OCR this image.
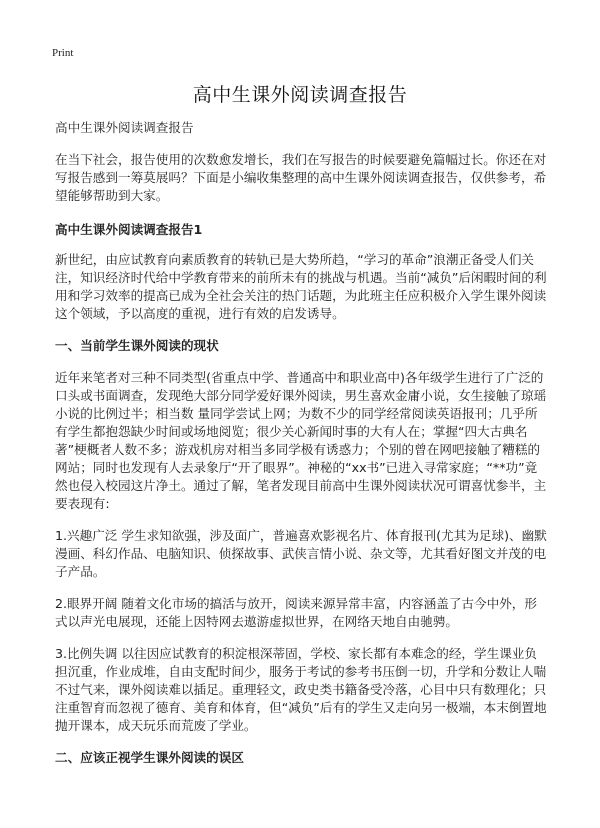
Print
高中生课外阅读调查报告

高中生课外阅读调查报告

在当下社会，报告使用的次数愈发增长，我们在写报告的时候要避免篇幅过长。你还在对写报告感到一筹莫展吗？下面是小编收集整理的高中生课外阅读调查报告，仅供参考，希望能够帮助到大家。

高中生课外阅读调查报告1

新世纪，由应试教育向素质教育的转轨已是大势所趋，“学习的革命”浪潮正备受人们关注，知识经济时代给中学教育带来的前所未有的挑战与机遇。当前“减负”后闲暇时间的利用和学习效率的提高已成为全社会关注的热门话题，为此班主任应积极介入学生课外阅读这个领域，予以高度的重视，进行有效的启发诱导。

一、当前学生课外阅读的现状

近年来笔者对三种不同类型(省重点中学、普通高中和职业高中)各年级学生进行了广泛的口头或书面调查，发现绝大部分同学爱好课外阅读，男生喜欢金庸小说，女生接触了琼瑶小说的比例过半；相当数 量同学尝试上网；为数不少的同学经常阅读英语报刊；几乎所有学生都抱怨缺少时间或场地阅览；很少关心新闻时事的大有人在；掌握“四大古典名著”梗概者人数不多；游戏机房对相当多同学极有诱惑力；个别的曾在网吧接触了糟糕的网站；同时也发现有人去录象厅“开了眼界”。神秘的“xx书”已进入寻常家庭；“**功”竟然也侵入校园这片净土。通过了解，笔者发现目前高中生课外阅读状况可谓喜忧参半，主要表现有:

1.兴趣广泛 学生求知欲强，涉及面广，普遍喜欢影视名片、体育报刊(尤其为足球)、幽默漫画、科幻作品、电脑知识、侦探故事、武侠言情小说、杂文等，尤其看好图文并茂的电子产品。

2.眼界开阔 随着文化市场的搞活与放开，阅读来源异常丰富，内容涵盖了古今中外，形式以声光电展现，还能上因特网去遨游虚拟世界，在网络天地自由驰骋。

3.比例失调 以往因应试教育的积淀根深蒂固，学校、家长都有本难念的经，学生课业负担沉重，作业成堆，自由支配时间少，服务于考试的参考书压倒一切，升学和分数让人喘不过气来，课外阅读难以插足。重理轻文，政史类书籍备受冷落，心目中只有数理化；只注重智育而忽视了德育、美育和体育，但“减负”后有的学生又走向另一极端，本末倒置地抛开课本，成天玩乐而荒废了学业。

二、应该正视学生课外阅读的误区
